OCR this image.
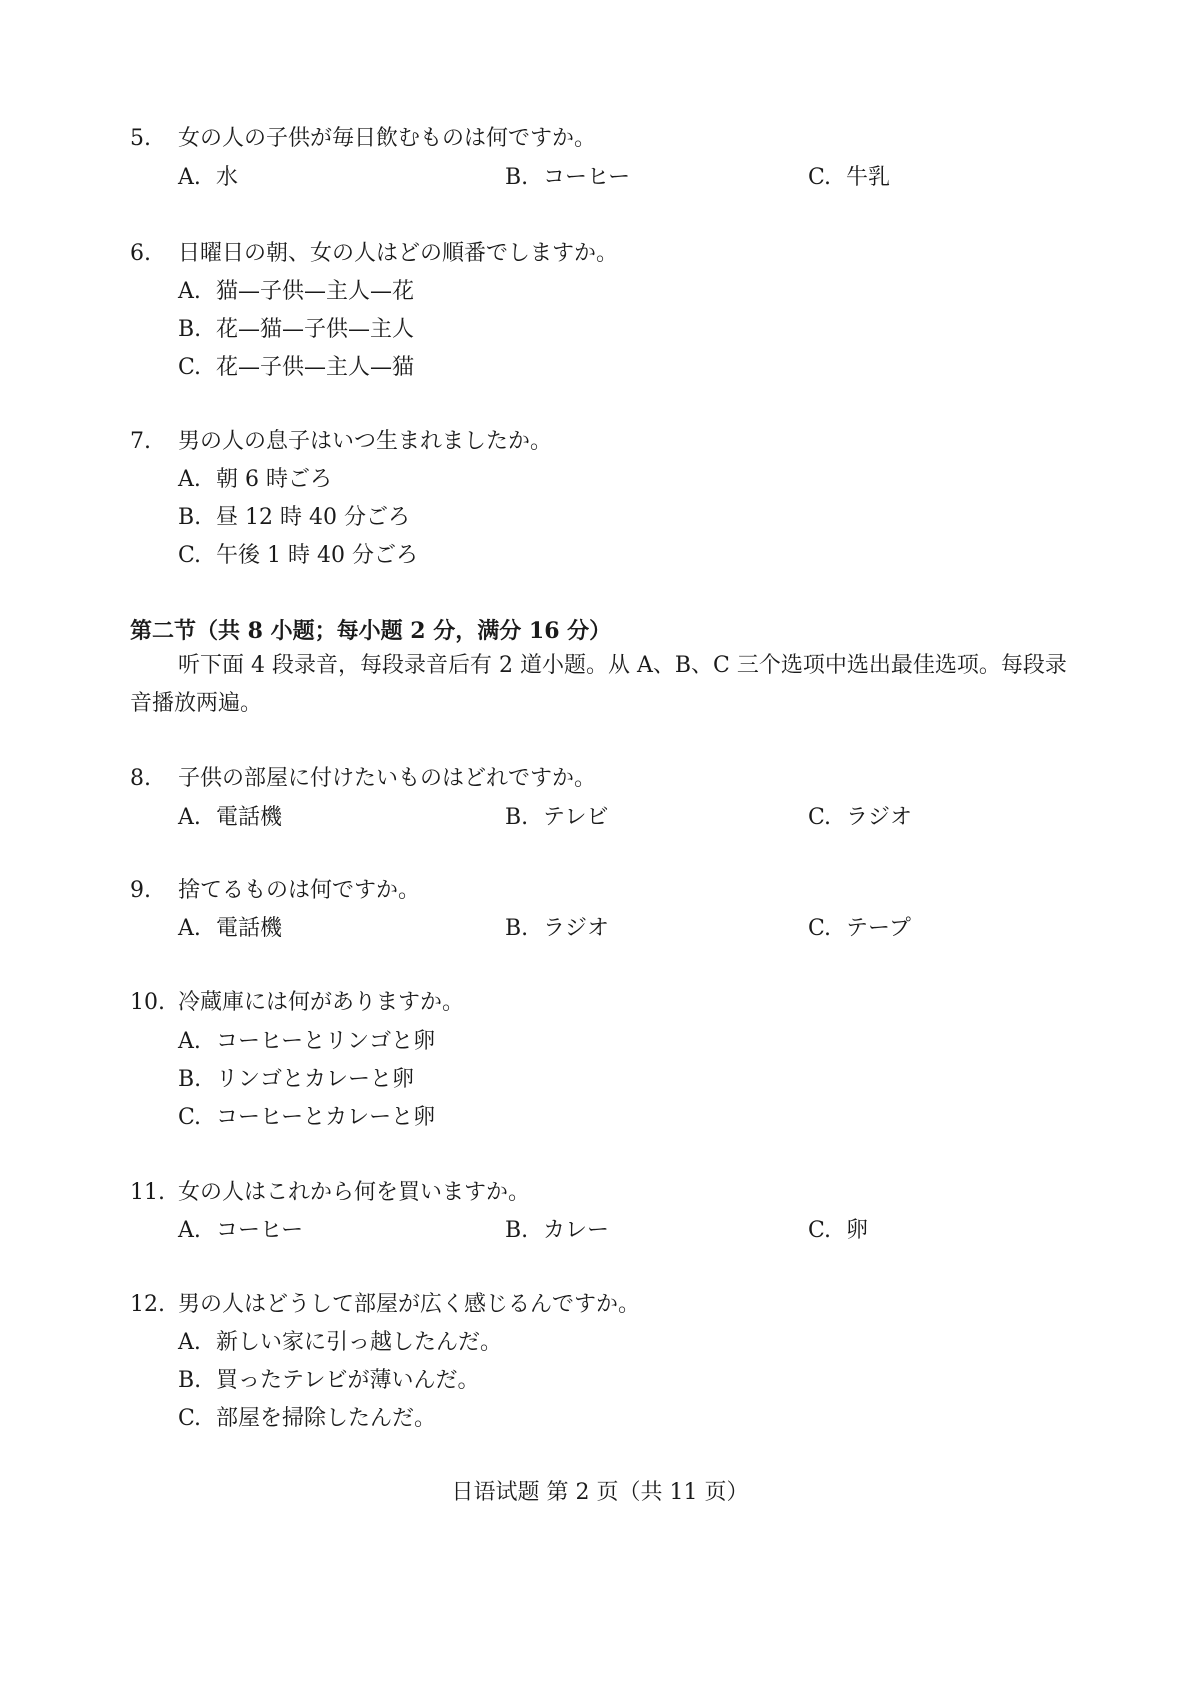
5. 女の人の子供が毎日飲むものは何ですか。
A. 水	B. コーヒー	C. 牛乳
6. 日曜日の朝、女の人はどの順番でしますか。
A. 猫—子供—主人—花
B. 花—猫—子供—主人
C. 花—子供—主人—猫
7. 男の人の息子はいつ生まれましたか。
A. 朝 6 時ごろ
B. 昼 12 時 40 分ごろ
C. 午後 1 時 40 分ごろ
第二节（共 8 小题；每小题 2 分，满分 16 分）
听下面 4 段录音，每段录音后有 2 道小题。从 A、B、C 三个选项中选出最佳选项。每段录音播放两遍。
8. 子供の部屋に付けたいものはどれですか。
A. 電話機	B. テレビ	C. ラジオ
9. 捨てるものは何ですか。
A. 電話機	B. ラジオ	C. テープ
10. 冷蔵庫には何がありますか。
A. コーヒーとリンゴと卵
B. リンゴとカレーと卵
C. コーヒーとカレーと卵
11. 女の人はこれから何を買いますか。
A. コーヒー	B. カレー	C. 卵
12. 男の人はどうして部屋が広く感じるんですか。
A. 新しい家に引っ越したんだ。
B. 買ったテレビが薄いんだ。
C. 部屋を掃除したんだ。
日语试题 第 2 页（共 11 页）
